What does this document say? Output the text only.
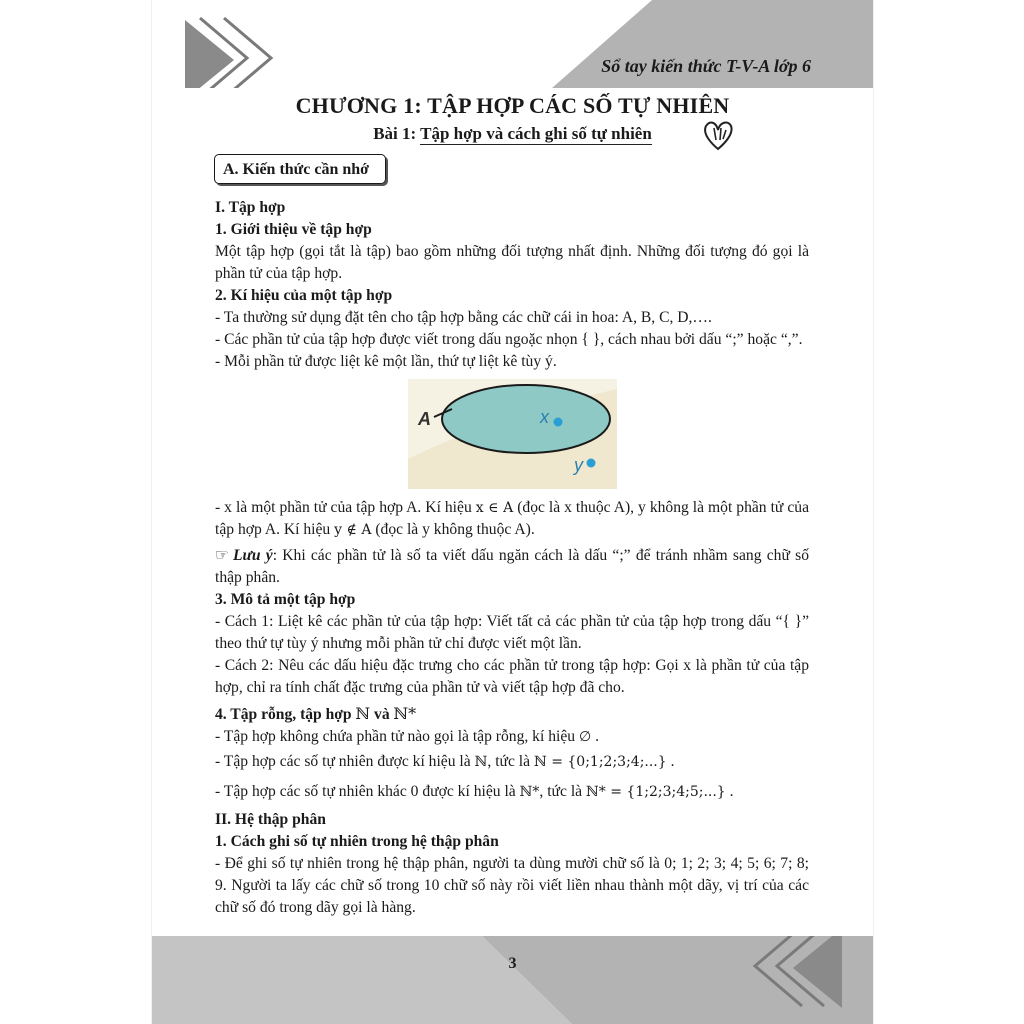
Sổ tay kiến thức T-V-A lớp 6
CHƯƠNG 1: TẬP HỢP CÁC SỐ TỰ NHIÊN
Bài 1: Tập hợp và cách ghi số tự nhiên
A. Kiến thức cần nhớ

I. Tập hợp

1. Giới thiệu về tập hợp

Một tập hợp (gọi tắt là tập) bao gồm những đối tượng nhất định. Những đối tượng đó gọi là phần tử của tập hợp.

2. Kí hiệu của một tập hợp

- Ta thường sử dụng đặt tên cho tập hợp bằng các chữ cái in hoa: A, B, C, D,….

- Các phần tử của tập hợp được viết trong dấu ngoặc nhọn { }, cách nhau bởi dấu “;” hoặc “,”.

- Mỗi phần tử được liệt kê một lần, thứ tự liệt kê tùy ý.

A	x
y

- x là một phần tử của tập hợp A. Kí hiệu x ∈ A (đọc là x thuộc A), y không là một phần tử của tập hợp A. Kí hiệu y ∉ A (đọc là y không thuộc A).

☞ Lưu ý: Khi các phần tử là số ta viết dấu ngăn cách là dấu “;” để tránh nhầm sang chữ số thập phân.

3. Mô tả một tập hợp

- Cách 1: Liệt kê các phần tử của tập hợp: Viết tất cả các phần tử của tập hợp trong dấu “{ }” theo thứ tự tùy ý nhưng mỗi phần tử chỉ được viết một lần.

- Cách 2: Nêu các dấu hiệu đặc trưng cho các phần tử trong tập hợp: Gọi x là phần tử của tập hợp, chỉ ra tính chất đặc trưng của phần tử và viết tập hợp đã cho.

4. Tập rỗng, tập hợp ℕ và ℕ*

- Tập hợp không chứa phần tử nào gọi là tập rỗng, kí hiệu ∅ .

- Tập hợp các số tự nhiên được kí hiệu là ℕ, tức là ℕ = {0;1;2;3;4;...} .

- Tập hợp các số tự nhiên khác 0 được kí hiệu là ℕ*, tức là ℕ* = {1;2;3;4;5;...} .

II. Hệ thập phân

1. Cách ghi số tự nhiên trong hệ thập phân

- Để ghi số tự nhiên trong hệ thập phân, người ta dùng mười chữ số là 0; 1; 2; 3; 4; 5; 6; 7; 8; 9. Người ta lấy các chữ số trong 10 chữ số này rồi viết liền nhau thành một dãy, vị trí của các chữ số đó trong dãy gọi là hàng.

3
